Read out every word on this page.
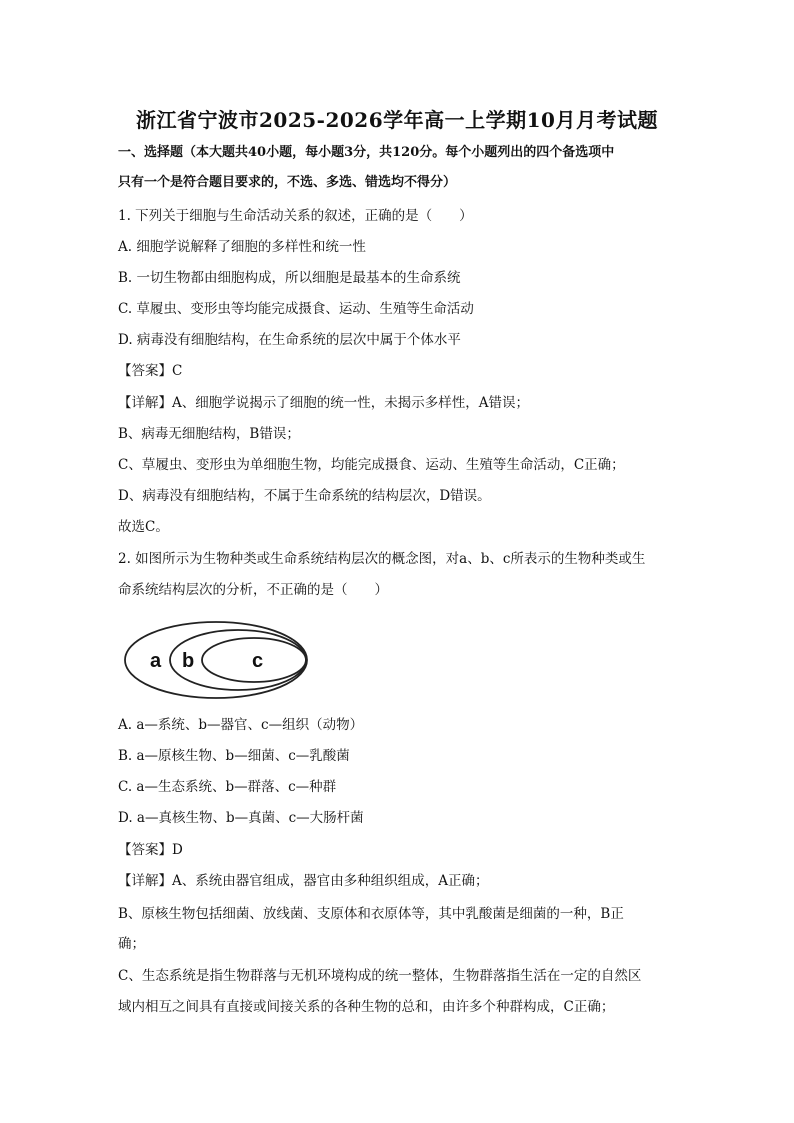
浙江省宁波市2025-2026学年高一上学期10月月考试题
一、选择题（本大题共40小题，每小题3分，共120分。每个小题列出的四个备选项中
只有一个是符合题目要求的，不选、多选、错选均不得分）
1. 下列关于细胞与生命活动关系的叙述，正确的是（　　）
A. 细胞学说解释了细胞的多样性和统一性
B. 一切生物都由细胞构成，所以细胞是最基本的生命系统
C. 草履虫、变形虫等均能完成摄食、运动、生殖等生命活动
D. 病毒没有细胞结构，在生命系统的层次中属于个体水平
【答案】C
【详解】A、细胞学说揭示了细胞的统一性，未揭示多样性，A错误；
B、病毒无细胞结构，B错误；
C、草履虫、变形虫为单细胞生物，均能完成摄食、运动、生殖等生命活动，C正确；
D、病毒没有细胞结构，不属于生命系统的结构层次，D错误。
故选C。
2. 如图所示为生物种类或生命系统结构层次的概念图，对a、b、c所表示的生物种类或生
命系统结构层次的分析，不正确的是（　　）
a b	c
A. a—系统、b—器官、c—组织（动物）
B. a—原核生物、b—细菌、c—乳酸菌
C. a—生态系统、b—群落、c—种群
D. a—真核生物、b—真菌、c—大肠杆菌
【答案】D
【详解】A、系统由器官组成，器官由多种组织组成，A正确；
B、原核生物包括细菌、放线菌、支原体和衣原体等，其中乳酸菌是细菌的一种，B正
确；
C、生态系统是指生物群落与无机环境构成的统一整体，生物群落指生活在一定的自然区
域内相互之间具有直接或间接关系的各种生物的总和，由许多个种群构成，C正确；
